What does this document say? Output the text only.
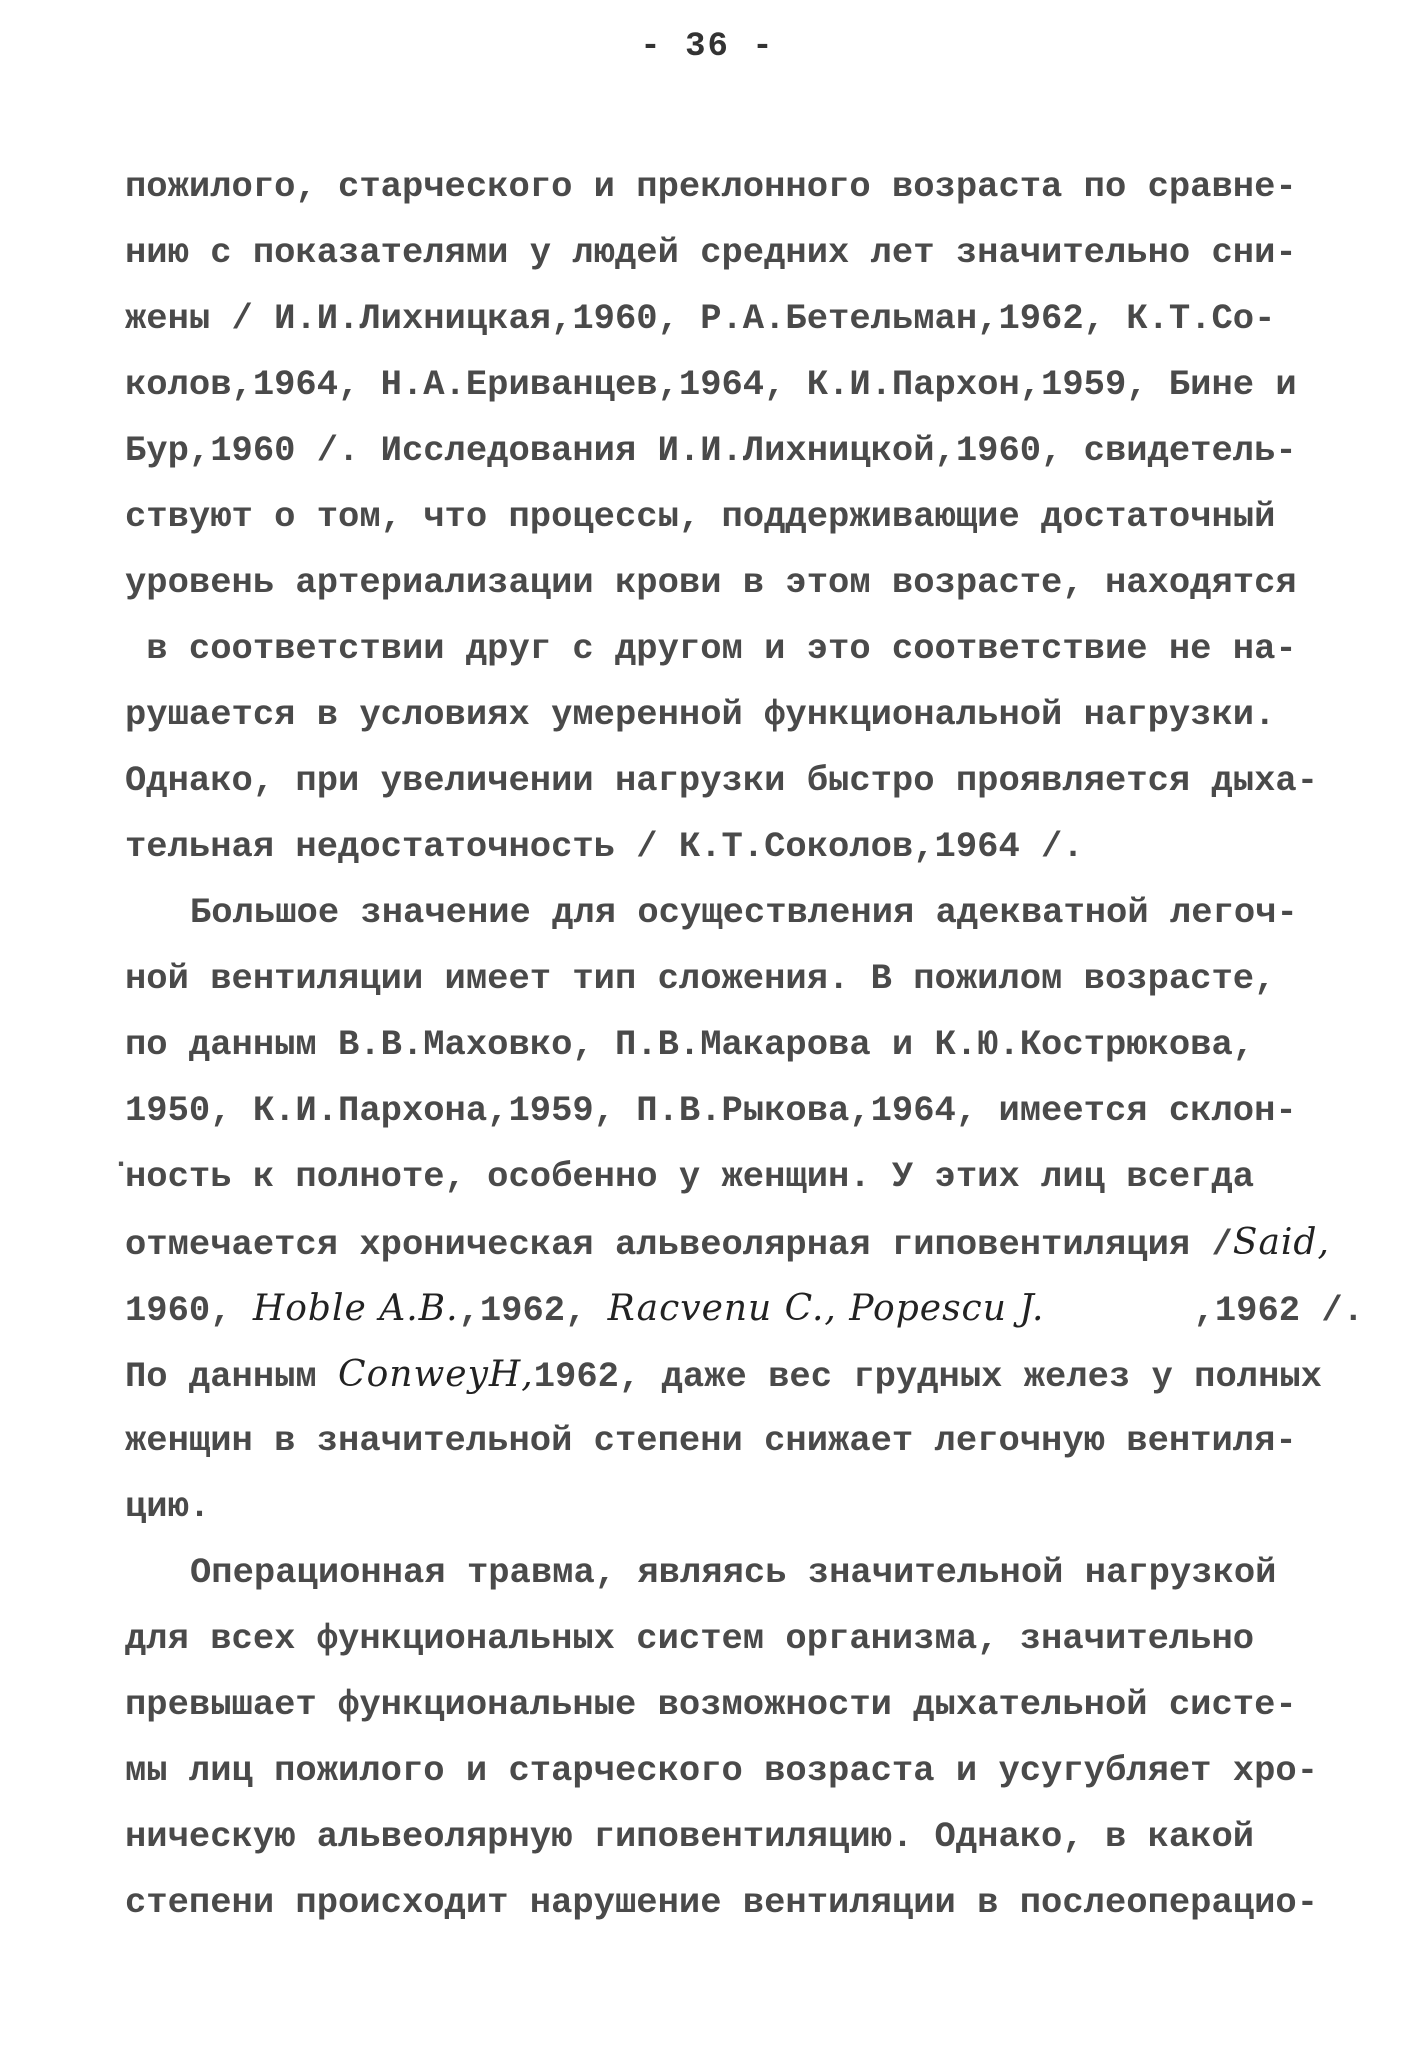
- 36 -
пожилого, старческого и преклонного возраста по сравне-
нию с показателями у людей средних лет значительно сни-
жены / И.И.Лихницкая,1960, Р.А.Бетельман,1962, К.Т.Со-
колов,1964, Н.А.Ериванцев,1964, К.И.Пархон,1959, Бине и
Бур,1960 /. Исследования И.И.Лихницкой,1960, свидетель-
ствуют о том, что процессы, поддерживающие достаточный
уровень артериализации крови в этом возрасте, находятся
в соответствии друг с другом и это соответствие не на-
рушается в условиях умеренной функциональной нагрузки.
Однако, при увеличении нагрузки быстро проявляется дыха-
тельная недостаточность / К.Т.Соколов,1964 /.
Большое значение для осуществления адекватной легоч-
ной вентиляции имеет тип сложения. В пожилом возрасте,
по данным В.В.Маховко, П.В.Макарова и К.Ю.Кострюкова,
1950, К.И.Пархона,1959, П.В.Рыкова,1964, имеется склон-
.
ность к полноте, особенно у женщин. У этих лиц всегда
отмечается хроническая альвеолярная гиповентиляция /Said,
1960, Hoble A.B.,1962, Racvenu C., Popescu J.       ,1962 /.
По данным ConweyH,1962, даже вес грудных желез у полных
женщин в значительной степени снижает легочную вентиля-
цию.
Операционная травма, являясь значительной нагрузкой
для всех функциональных систем организма, значительно
превышает функциональные возможности дыхательной систе-
мы лиц пожилого и старческого возраста и усугубляет хро-
ническую альвеолярную гиповентиляцию. Однако, в какой
степени происходит нарушение вентиляции в послеоперацио-
